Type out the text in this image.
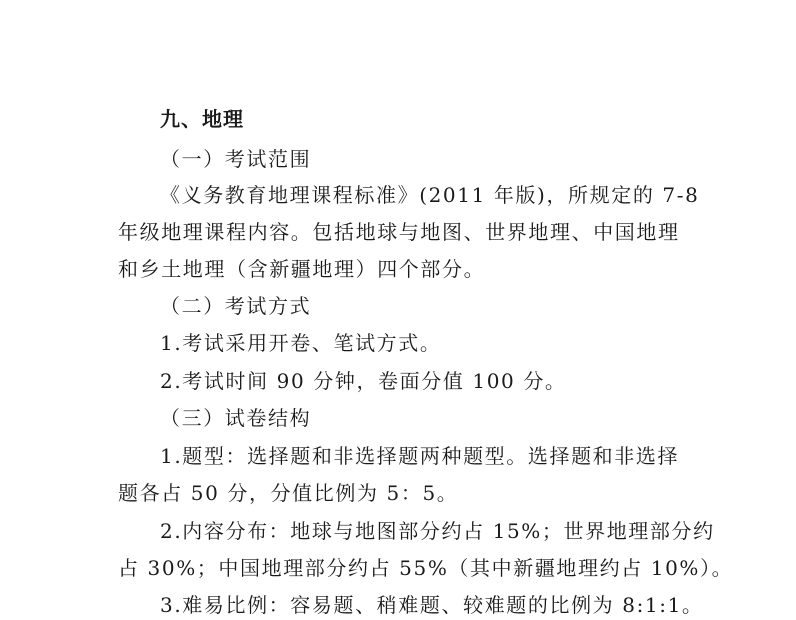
九、地理
（一）考试范围
《义务教育地理课程标准》(2011 年版)，所规定的 7-8
年级地理课程内容。包括地球与地图、世界地理、中国地理
和乡土地理（含新疆地理）四个部分。
（二）考试方式
1.考试采用开卷、笔试方式。
2.考试时间 90 分钟，卷面分值 100 分。
（三）试卷结构
1.题型：选择题和非选择题两种题型。选择题和非选择
题各占 50 分，分值比例为 5：5。
2.内容分布：地球与地图部分约占 15%；世界地理部分约
占 30%；中国地理部分约占 55%（其中新疆地理约占 10%）。
3.难易比例：容易题、稍难题、较难题的比例为 8:1:1。
